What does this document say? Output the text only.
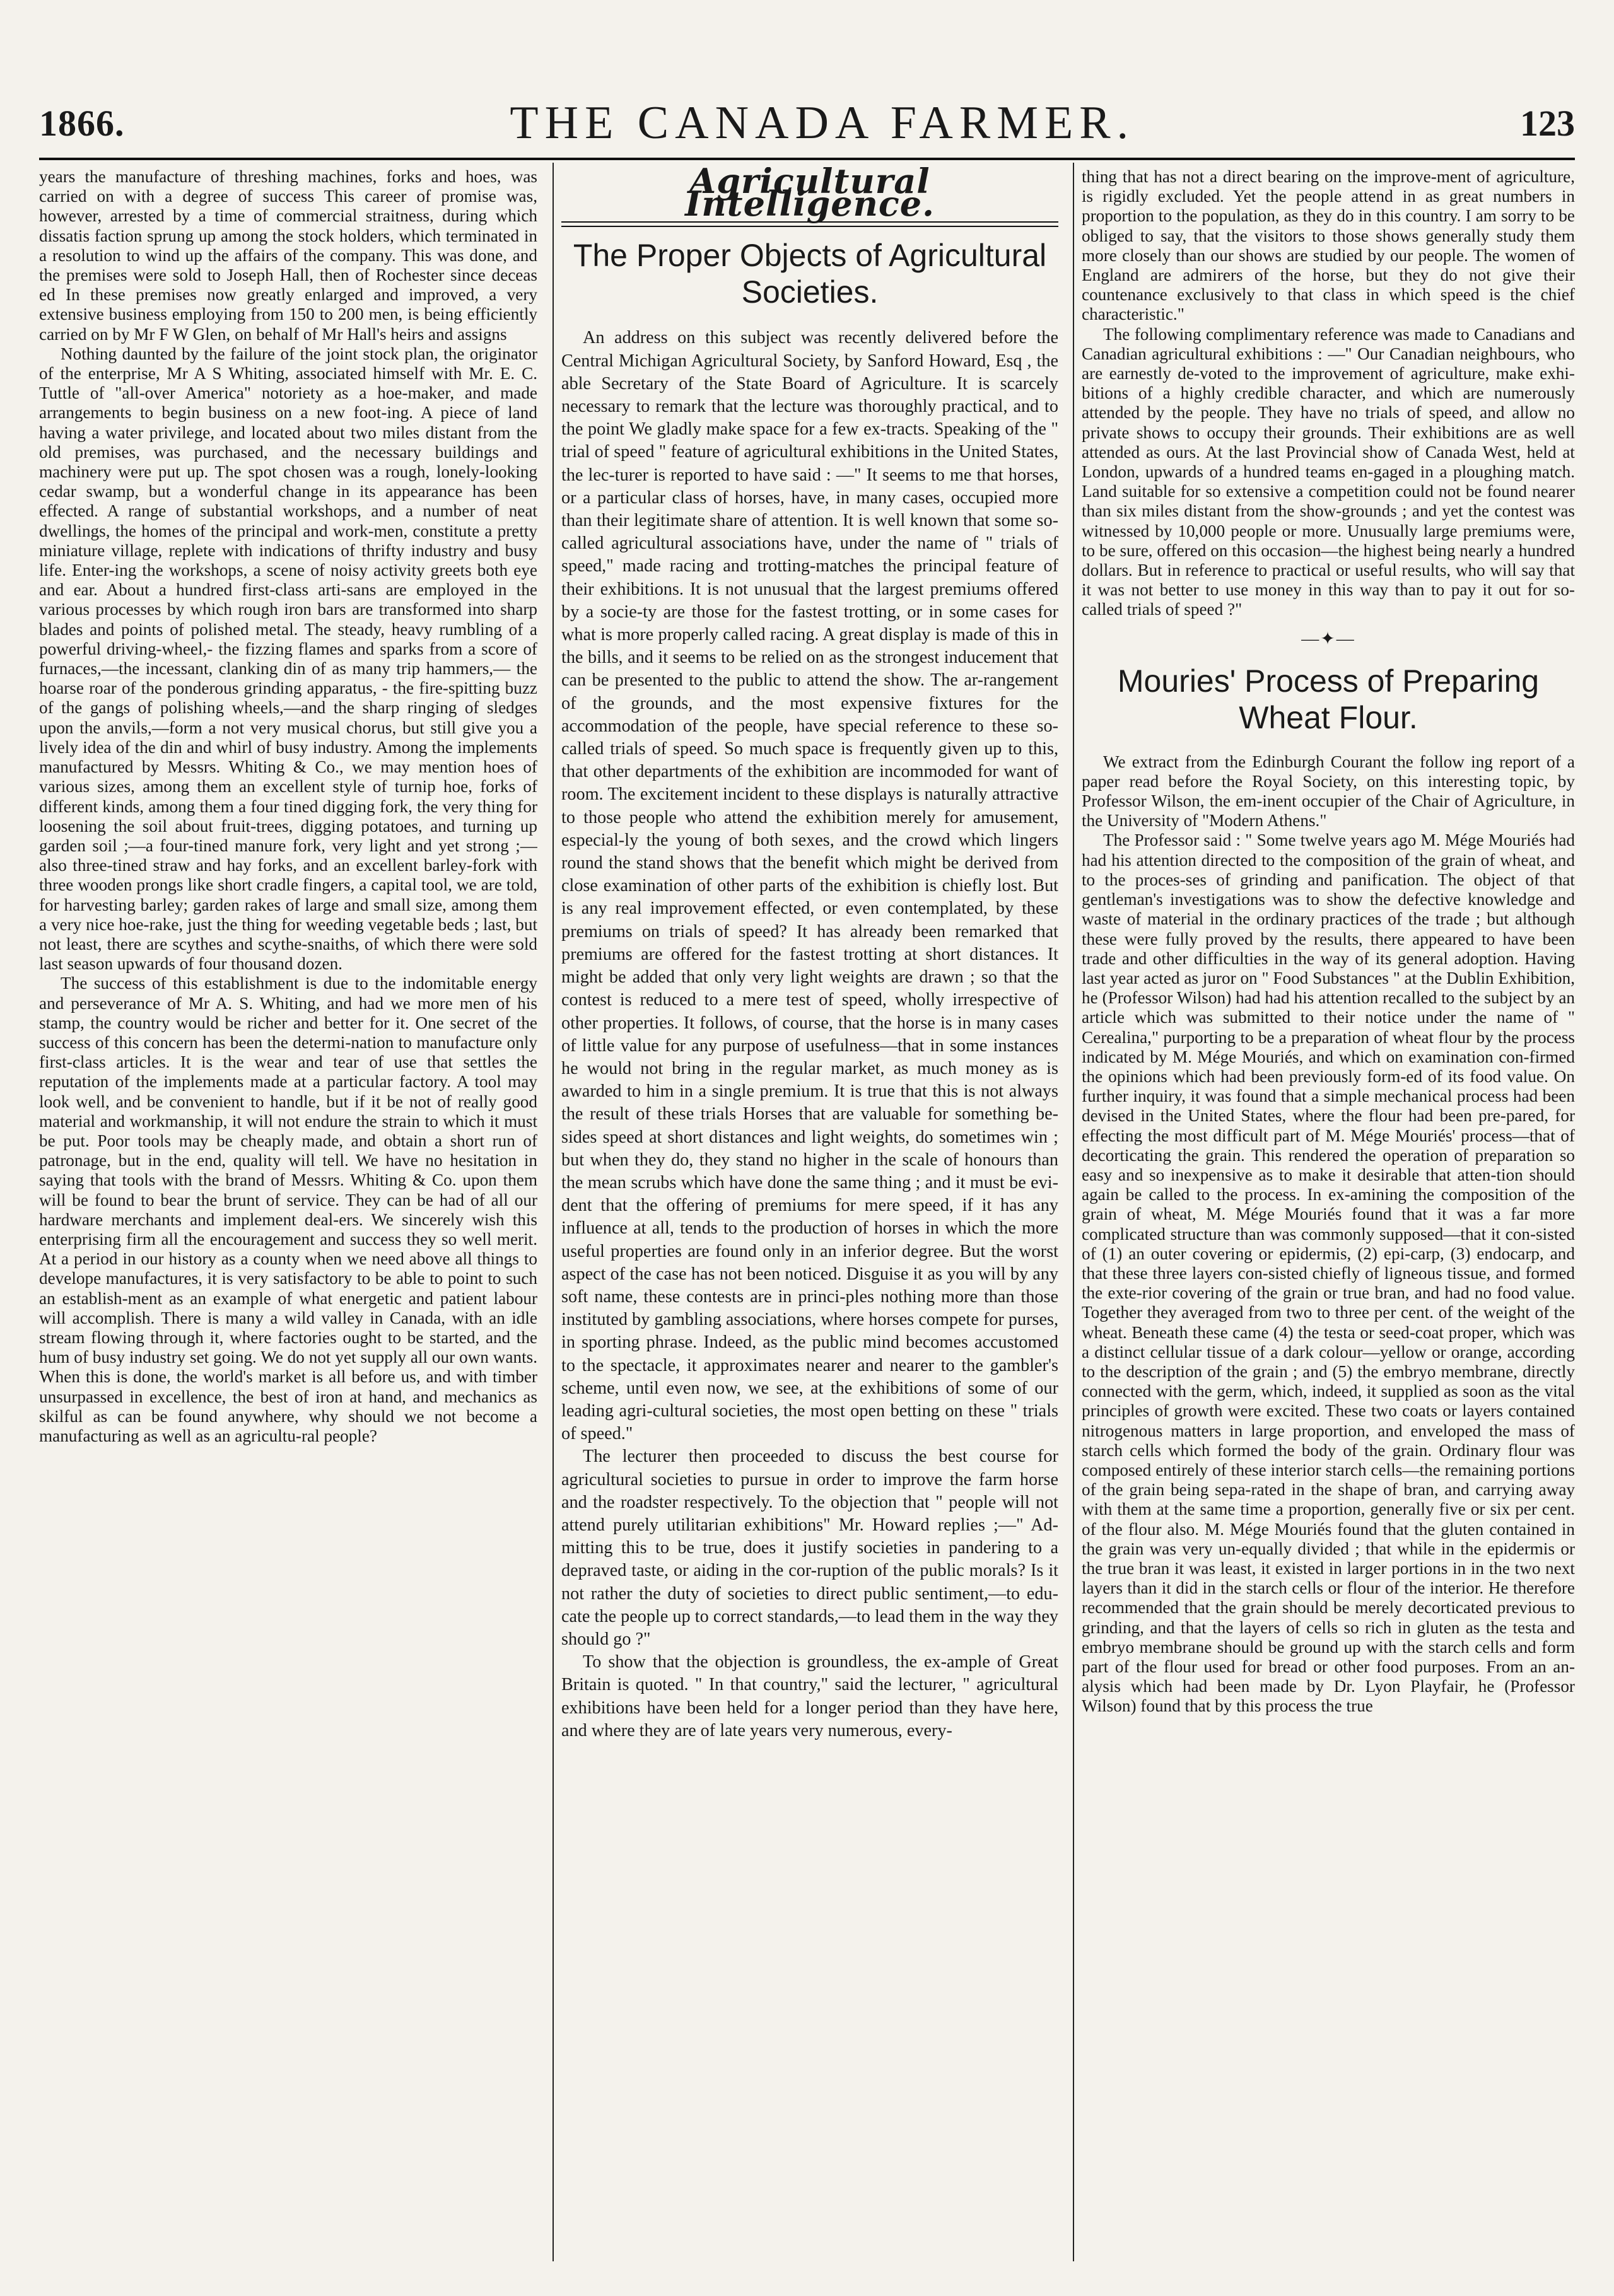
1866.	THE CANADA FARMER.	123

years the manufacture of threshing machines, forks and hoes, was carried on with a degree of success This career of promise was, however, arrested by a time of commercial straitness, during which dissatis faction sprung up among the stock holders, which terminated in a resolution to wind up the affairs of the company. This was done, and the premises were sold to Joseph Hall, then of Rochester since deceas ed In these premises now greatly enlarged and improved, a very extensive business employing from 150 to 200 men, is being efficiently carried on by Mr F W Glen, on behalf of Mr Hall's heirs and assigns

Nothing daunted by the failure of the joint stock plan, the originator of the enterprise, Mr A S Whiting, associated himself with Mr. E. C. Tuttle of "all-over America" notoriety as a hoe-maker, and made arrangements to begin business on a new foot-ing. A piece of land having a water privilege, and located about two miles distant from the old premises, was purchased, and the necessary buildings and machinery were put up. The spot chosen was a rough, lonely-looking cedar swamp, but a wonderful change in its appearance has been effected. A range of substantial workshops, and a number of neat dwellings, the homes of the principal and work-men, constitute a pretty miniature village, replete with indications of thrifty industry and busy life. Enter-ing the workshops, a scene of noisy activity greets both eye and ear. About a hundred first-class arti-sans are employed in the various processes by which rough iron bars are transformed into sharp blades and points of polished metal. The steady, heavy rumbling of a powerful driving-wheel,- the fizzing flames and sparks from a score of furnaces,—the incessant, clanking din of as many trip hammers,— the hoarse roar of the ponderous grinding apparatus, - the fire-spitting buzz of the gangs of polishing wheels,—and the sharp ringing of sledges upon the anvils,—form a not very musical chorus, but still give you a lively idea of the din and whirl of busy industry. Among the implements manufactured by Messrs. Whiting & Co., we may mention hoes of various sizes, among them an excellent style of turnip hoe, forks of different kinds, among them a four tined digging fork, the very thing for loosening the soil about fruit-trees, digging potatoes, and turning up garden soil ;—a four-tined manure fork, very light and yet strong ;—also three-tined straw and hay forks, and an excellent barley-fork with three wooden prongs like short cradle fingers, a capital tool, we are told, for harvesting barley; garden rakes of large and small size, among them a very nice hoe-rake, just the thing for weeding vegetable beds ; last, but not least, there are scythes and scythe-snaiths, of which there were sold last season upwards of four thousand dozen.

The success of this establishment is due to the indomitable energy and perseverance of Mr A. S. Whiting, and had we more men of his stamp, the country would be richer and better for it. One secret of the success of this concern has been the determi-nation to manufacture only first-class articles. It is the wear and tear of use that settles the reputation of the implements made at a particular factory. A tool may look well, and be convenient to handle, but if it be not of really good material and workmanship, it will not endure the strain to which it must be put. Poor tools may be cheaply made, and obtain a short run of patronage, but in the end, quality will tell. We have no hesitation in saying that tools with the brand of Messrs. Whiting & Co. upon them will be found to bear the brunt of service. They can be had of all our hardware merchants and implement deal-ers. We sincerely wish this enterprising firm all the encouragement and success they so well merit. At a period in our history as a county when we need above all things to develope manufactures, it is very satisfactory to be able to point to such an establish-ment as an example of what energetic and patient labour will accomplish. There is many a wild valley in Canada, with an idle stream flowing through it, where factories ought to be started, and the hum of busy industry set going. We do not yet supply all our own wants. When this is done, the world's market is all before us, and with timber unsurpassed in excellence, the best of iron at hand, and mechanics as skilful as can be found anywhere, why should we not become a manufacturing as well as an agricultu-ral people?

Agricultural Intelligence.
The Proper Objects of Agricultural Societies.

An address on this subject was recently delivered before the Central Michigan Agricultural Society, by Sanford Howard, Esq , the able Secretary of the State Board of Agriculture. It is scarcely necessary to remark that the lecture was thoroughly practical, and to the point We gladly make space for a few ex-tracts. Speaking of the " trial of speed " feature of agricultural exhibitions in the United States, the lec-turer is reported to have said : —" It seems to me that horses, or a particular class of horses, have, in many cases, occupied more than their legitimate share of attention. It is well known that some so-called agricultural associations have, under the name of " trials of speed," made racing and trotting-matches the principal feature of their exhibitions. It is not unusual that the largest premiums offered by a socie-ty are those for the fastest trotting, or in some cases for what is more properly called racing. A great display is made of this in the bills, and it seems to be relied on as the strongest inducement that can be presented to the public to attend the show. The ar-rangement of the grounds, and the most expensive fixtures for the accommodation of the people, have special reference to these so-called trials of speed. So much space is frequently given up to this, that other departments of the exhibition are incommoded for want of room. The excitement incident to these displays is naturally attractive to those people who attend the exhibition merely for amusement, especial-ly the young of both sexes, and the crowd which lingers round the stand shows that the benefit which might be derived from close examination of other parts of the exhibition is chiefly lost. But is any real improvement effected, or even contemplated, by these premiums on trials of speed? It has already been remarked that premiums are offered for the fastest trotting at short distances. It might be added that only very light weights are drawn ; so that the contest is reduced to a mere test of speed, wholly irrespective of other properties. It follows, of course, that the horse is in many cases of little value for any purpose of usefulness—that in some instances he would not bring in the regular market, as much money as is awarded to him in a single premium. It is true that this is not always the result of these trials Horses that are valuable for something be-sides speed at short distances and light weights, do sometimes win ; but when they do, they stand no higher in the scale of honours than the mean scrubs which have done the same thing ; and it must be evi-dent that the offering of premiums for mere speed, if it has any influence at all, tends to the production of horses in which the more useful properties are found only in an inferior degree. But the worst aspect of the case has not been noticed. Disguise it as you will by any soft name, these contests are in princi-ples nothing more than those instituted by gambling associations, where horses compete for purses, in sporting phrase. Indeed, as the public mind becomes accustomed to the spectacle, it approximates nearer and nearer to the gambler's scheme, until even now, we see, at the exhibitions of some of our leading agri-cultural societies, the most open betting on these " trials of speed."

The lecturer then proceeded to discuss the best course for agricultural societies to pursue in order to improve the farm horse and the roadster respectively. To the objection that " people will not attend purely utilitarian exhibitions" Mr. Howard replies ;—" Ad-mitting this to be true, does it justify societies in pandering to a depraved taste, or aiding in the cor-ruption of the public morals? Is it not rather the duty of societies to direct public sentiment,—to edu-cate the people up to correct standards,—to lead them in the way they should go ?"

To show that the objection is groundless, the ex-ample of Great Britain is quoted. " In that country," said the lecturer, " agricultural exhibitions have been held for a longer period than they have here, and where they are of late years very numerous, every-

thing that has not a direct bearing on the improve-ment of agriculture, is rigidly excluded. Yet the people attend in as great numbers in proportion to the population, as they do in this country. I am sorry to be obliged to say, that the visitors to those shows generally study them more closely than our shows are studied by our people. The women of England are admirers of the horse, but they do not give their countenance exclusively to that class in which speed is the chief characteristic."

The following complimentary reference was made to Canadians and Canadian agricultural exhibitions : —" Our Canadian neighbours, who are earnestly de-voted to the improvement of agriculture, make exhi-bitions of a highly credible character, and which are numerously attended by the people. They have no trials of speed, and allow no private shows to occupy their grounds. Their exhibitions are as well attended as ours. At the last Provincial show of Canada West, held at London, upwards of a hundred teams en-gaged in a ploughing match. Land suitable for so extensive a competition could not be found nearer than six miles distant from the show-grounds ; and yet the contest was witnessed by 10,000 people or more. Unusually large premiums were, to be sure, offered on this occasion—the highest being nearly a hundred dollars. But in reference to practical or useful results, who will say that it was not better to use money in this way than to pay it out for so-called trials of speed ?"

—✦—
Mouries' Process of Preparing Wheat Flour.

We extract from the Edinburgh Courant the follow ing report of a paper read before the Royal Society, on this interesting topic, by Professor Wilson, the em-inent occupier of the Chair of Agriculture, in the University of "Modern Athens."

The Professor said : " Some twelve years ago M. Mége Mouriés had had his attention directed to the composition of the grain of wheat, and to the proces-ses of grinding and panification. The object of that gentleman's investigations was to show the defective knowledge and waste of material in the ordinary practices of the trade ; but although these were fully proved by the results, there appeared to have been trade and other difficulties in the way of its general adoption. Having last year acted as juror on " Food Substances " at the Dublin Exhibition, he (Professor Wilson) had had his attention recalled to the subject by an article which was submitted to their notice under the name of " Cerealina," purporting to be a preparation of wheat flour by the process indicated by M. Mége Mouriés, and which on examination con-firmed the opinions which had been previously form-ed of its food value. On further inquiry, it was found that a simple mechanical process had been devised in the United States, where the flour had been pre-pared, for effecting the most difficult part of M. Mége Mouriés' process—that of decorticating the grain. This rendered the operation of preparation so easy and so inexpensive as to make it desirable that atten-tion should again be called to the process. In ex-amining the composition of the grain of wheat, M. Mége Mouriés found that it was a far more complicated structure than was commonly supposed—that it con-sisted of (1) an outer covering or epidermis, (2) epi-carp, (3) endocarp, and that these three layers con-sisted chiefly of ligneous tissue, and formed the exte-rior covering of the grain or true bran, and had no food value. Together they averaged from two to three per cent. of the weight of the wheat. Beneath these came (4) the testa or seed-coat proper, which was a distinct cellular tissue of a dark colour—yellow or orange, according to the description of the grain ; and (5) the embryo membrane, directly connected with the germ, which, indeed, it supplied as soon as the vital principles of growth were excited. These two coats or layers contained nitrogenous matters in large proportion, and enveloped the mass of starch cells which formed the body of the grain. Ordinary flour was composed entirely of these interior starch cells—the remaining portions of the grain being sepa-rated in the shape of bran, and carrying away with them at the same time a proportion, generally five or six per cent. of the flour also. M. Mége Mouriés found that the gluten contained in the grain was very un-equally divided ; that while in the epidermis or the true bran it was least, it existed in larger portions in in the two next layers than it did in the starch cells or flour of the interior. He therefore recommended that the grain should be merely decorticated previous to grinding, and that the layers of cells so rich in gluten as the testa and embryo membrane should be ground up with the starch cells and form part of the flour used for bread or other food purposes. From an an-alysis which had been made by Dr. Lyon Playfair, he (Professor Wilson) found that by this process the true
